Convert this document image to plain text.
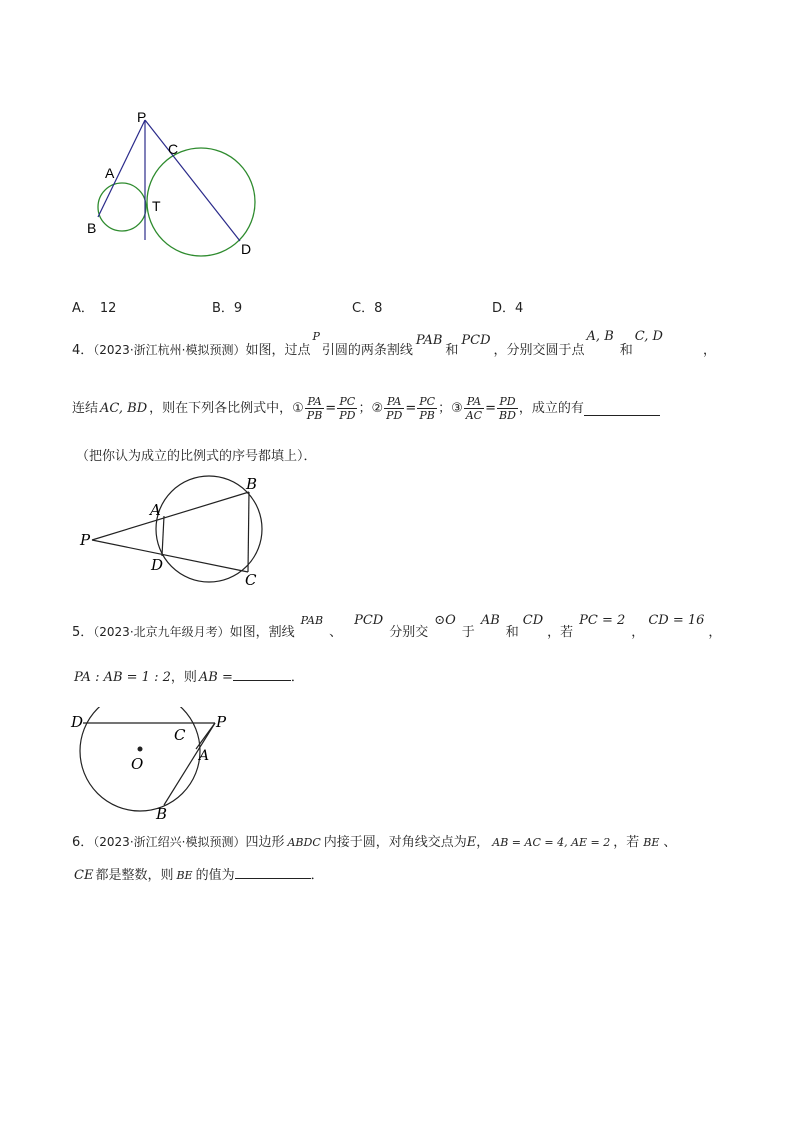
P
C
A
T
B
D
A． 12	B．9	C．8	D．4
4．（2023·浙江杭州·模拟预测）如图，过点P引圆的两条割线PAB和PCD，分别交圆于点A, B和C, D，
连结 AC, BD ，则在下列各比例式中，① $\frac{PA}{PB} = \frac{PC}{PD}$ ；② $\frac{PA}{PD} = \frac{PC}{PB}$ ；③ $\frac{PA}{AC} = \frac{PD}{BD}$ ，成立的有
（把你认为成立的比例式的序号都填上）．
A
B
P
D
C
5．（2023·北京九年级月考）如图，割线PAB、PCD分别交⊙O于AB和CD，若PC = 2，CD = 16，
PA : AB = 1 : 2，则 AB =	．
D	P
C
A
O
B
6．（2023·浙江绍兴·模拟预测）四边形 ABDC 内接于圆，对角线交点为E， AB = AC = 4, AE = 2 ，若 BE 、
CE 都是整数，则 BE 的值为	．
